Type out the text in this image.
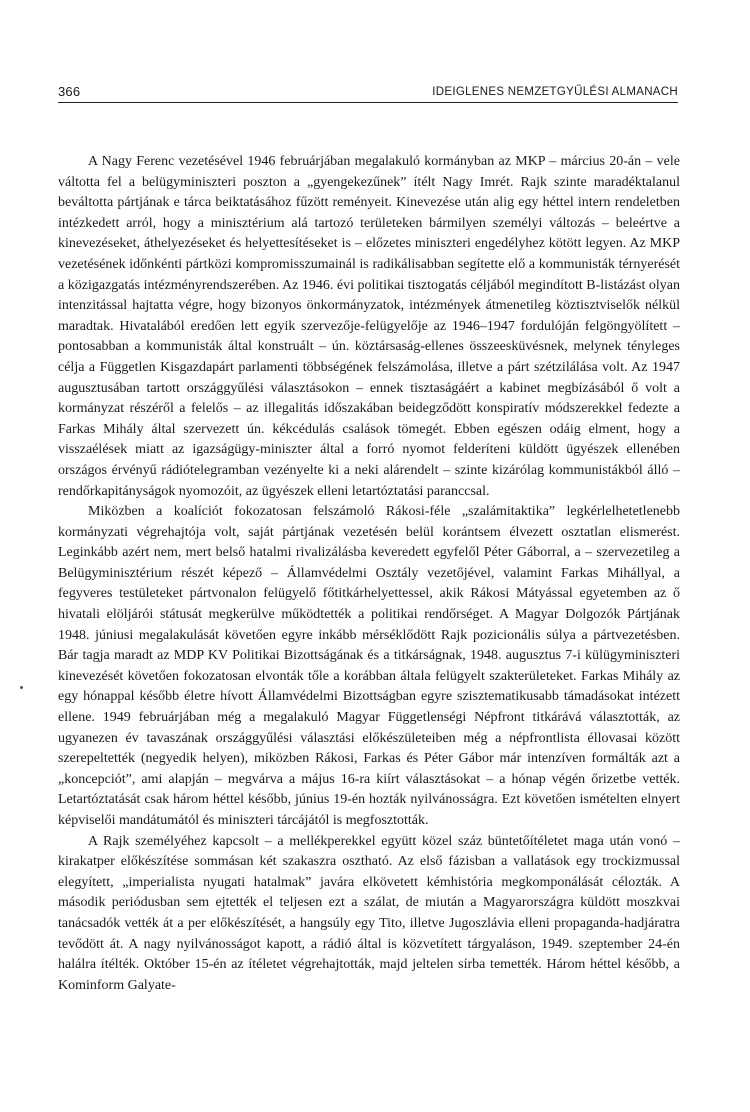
366	IDEIGLENES NEMZETGYŰLÉSI ALMANACH

A Nagy Ferenc vezetésével 1946 februárjában megalakuló kormányban az MKP – március 20-án – vele váltotta fel a belügyminiszteri poszton a „gyengekezűnek” ítélt Nagy Imrét. Rajk szinte maradéktalanul beváltotta pártjának e tárca beiktatásához fűzött reményeit. Kinevezése után alig egy héttel intern rendeletben intézkedett arról, hogy a minisztérium alá tartozó területeken bármilyen személyi változás – beleértve a kinevezéseket, áthelyezéseket és helyettesítéseket is – előzetes miniszteri engedélyhez kötött legyen. Az MKP vezetésének időnkénti pártközi kompromisszumainál is radikálisabban segítette elő a kommunisták térnyerését a közigazgatás intézményrendszerében. Az 1946. évi politikai tisztogatás céljából megindított B-listázást olyan intenzitással hajtatta végre, hogy bizonyos önkormányzatok, intézmények átmenetileg köztisztviselők nélkül maradtak. Hivatalából eredően lett egyik szervezője-felügyelője az 1946–1947 fordulóján felgöngyölített – pontosabban a kommunisták által konstruált – ún. köztársaság-ellenes összeesküvésnek, melynek tényleges célja a Független Kisgazdapárt parlamenti többségének felszámolása, illetve a párt szétzilálása volt. Az 1947 augusztusában tartott országgyűlési választásokon – ennek tisztaságáért a kabinet megbízásából ő volt a kormányzat részéről a felelős – az illegalitás időszakában beidegződött konspiratív módszerekkel fedezte a Farkas Mihály által szervezett ún. kékcédulás csalások tömegét. Ebben egészen odáig elment, hogy a visszaélések miatt az igazságügy-miniszter által a forró nyomot felderíteni küldött ügyészek ellenében országos érvényű rádiótelegramban vezényelte ki a neki alárendelt – szinte kizárólag kommunistákból álló – rendőrkapitányságok nyomozóit, az ügyészek elleni letartóztatási paranccsal.

Miközben a koalíciót fokozatosan felszámoló Rákosi-féle „szalámitaktika” legkérlelhetetlenebb kormányzati végrehajtója volt, saját pártjának vezetésén belül korántsem élvezett osztatlan elismerést. Leginkább azért nem, mert belső hatalmi rivalizálásba keveredett egyfelől Péter Gáborral, a – szervezetileg a Belügyminisztérium részét képező – Államvédelmi Osztály vezetőjével, valamint Farkas Mihállyal, a fegyveres testületeket pártvonalon felügyelő főtitkárhelyettessel, akik Rákosi Mátyással egyetemben az ő hivatali elöljárói státusát megkerülve működtették a politikai rendőrséget. A Magyar Dolgozók Pártjának 1948. júniusi megalakulását követően egyre inkább mérséklődött Rajk pozicionális súlya a pártvezetésben. Bár tagja maradt az MDP KV Politikai Bizottságának és a titkárságnak, 1948. augusztus 7-i külügyminiszteri kinevezését követően fokozatosan elvonták tőle a korábban általa felügyelt szakterületeket. Farkas Mihály az egy hónappal később életre hívott Államvédelmi Bizottságban egyre szisztematikusabb támadásokat intézett ellene. 1949 februárjában még a megalakuló Magyar Függetlenségi Népfront titkárává választották, az ugyanezen év tavaszának országgyűlési választási előkészületeiben még a népfrontlista éllovasai között szerepeltették (negyedik helyen), miközben Rákosi, Farkas és Péter Gábor már intenzíven formálták azt a „koncepciót”, ami alapján – megvárva a május 16-ra kiírt választásokat – a hónap végén őrizetbe vették. Letartóztatását csak három héttel később, június 19-én hozták nyilvánosságra. Ezt követően ismételten elnyert képviselői mandátumától és miniszteri tárcájától is megfosztották.

A Rajk személyéhez kapcsolt – a mellékperekkel együtt közel száz büntetőítéletet maga után vonó – kirakatper előkészítése sommásan két szakaszra osztható. Az első fázisban a vallatások egy trockizmussal elegyített, „imperialista nyugati hatalmak” javára elkövetett kémhistória megkomponálását célozták. A második periódusban sem ejtették el teljesen ezt a szálat, de miután a Magyarországra küldött moszkvai tanácsadók vették át a per előkészítését, a hangsúly egy Tito, illetve Jugoszlávia elleni propaganda-hadjáratra tevődött át. A nagy nyilvánosságot kapott, a rádió által is közvetített tárgyaláson, 1949. szeptember 24-én halálra ítélték. Október 15-én az ítéletet végrehajtották, majd jeltelen sírba temették. Három héttel később, a Kominform Galyate-
